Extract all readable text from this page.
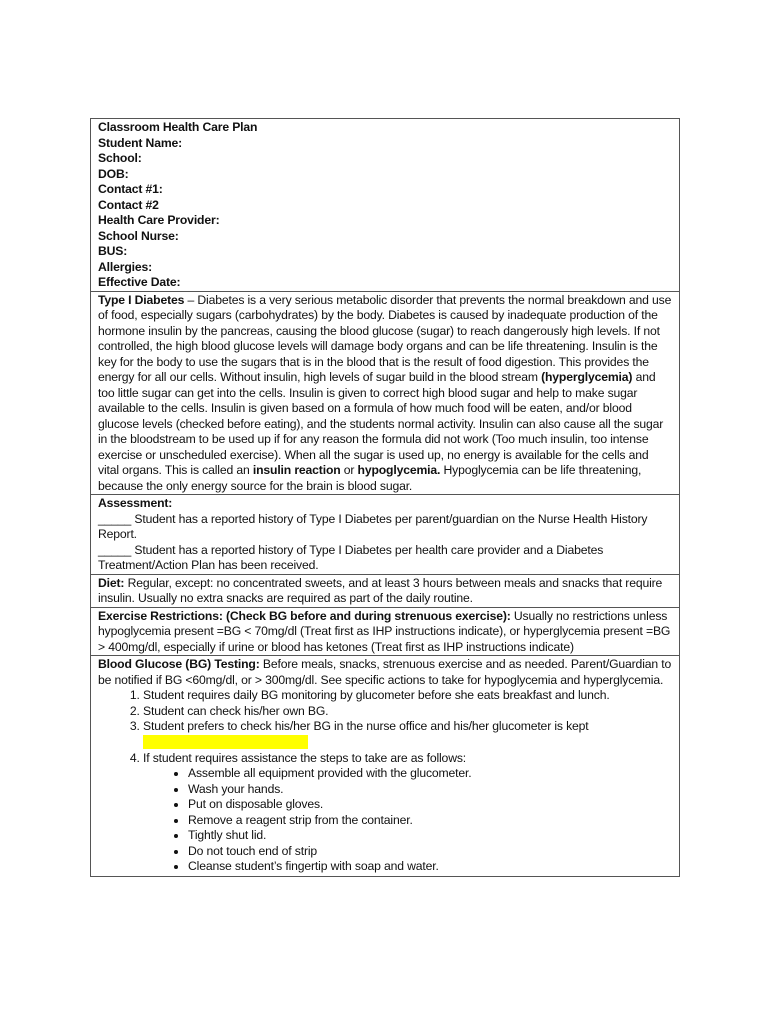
Classroom Health Care Plan
Student Name:
School:
DOB:
Contact #1:
Contact #2
Health Care Provider:
School Nurse:
BUS:
Allergies:
Effective Date:
Type I Diabetes – Diabetes is a very serious metabolic disorder that prevents the normal breakdown and use of food, especially sugars (carbohydrates) by the body. Diabetes is caused by inadequate production of the hormone insulin by the pancreas, causing the blood glucose (sugar) to reach dangerously high levels. If not controlled, the high blood glucose levels will damage body organs and can be life threatening. Insulin is the key for the body to use the sugars that is in the blood that is the result of food digestion. This provides the energy for all our cells. Without insulin, high levels of sugar build in the blood stream (hyperglycemia) and too little sugar can get into the cells. Insulin is given to correct high blood sugar and help to make sugar available to the cells. Insulin is given based on a formula of how much food will be eaten, and/or blood glucose levels (checked before eating), and the students normal activity. Insulin can also cause all the sugar in the bloodstream to be used up if for any reason the formula did not work (Too much insulin, too intense exercise or unscheduled exercise). When all the sugar is used up, no energy is available for the cells and vital organs. This is called an insulin reaction or hypoglycemia. Hypoglycemia can be life threatening, because the only energy source for the brain is blood sugar.
Assessment:
_____ Student has a reported history of Type I Diabetes per parent/guardian on the Nurse Health History Report.
_____ Student has a reported history of Type I Diabetes per health care provider and a Diabetes Treatment/Action Plan has been received.
Diet: Regular, except: no concentrated sweets, and at least 3 hours between meals and snacks that require insulin. Usually no extra snacks are required as part of the daily routine.
Exercise Restrictions: (Check BG before and during strenuous exercise): Usually no restrictions unless hypoglycemia present =BG < 70mg/dl (Treat first as IHP instructions indicate), or hyperglycemia present =BG > 400mg/dl, especially if urine or blood has ketones (Treat first as IHP instructions indicate)
Blood Glucose (BG) Testing: Before meals, snacks, strenuous exercise and as needed. Parent/Guardian to be notified if BG <60mg/dl, or > 300mg/dl. See specific actions to take for hypoglycemia and hyperglycemia.
1. Student requires daily BG monitoring by glucometer before she eats breakfast and lunch.
2. Student can check his/her own BG.
3. Student prefers to check his/her BG in the nurse office and his/her glucometer is kept
4. If student requires assistance the steps to take are as follows:
• Assemble all equipment provided with the glucometer.
• Wash your hands.
• Put on disposable gloves.
• Remove a reagent strip from the container.
• Tightly shut lid.
• Do not touch end of strip
• Cleanse student’s fingertip with soap and water.
